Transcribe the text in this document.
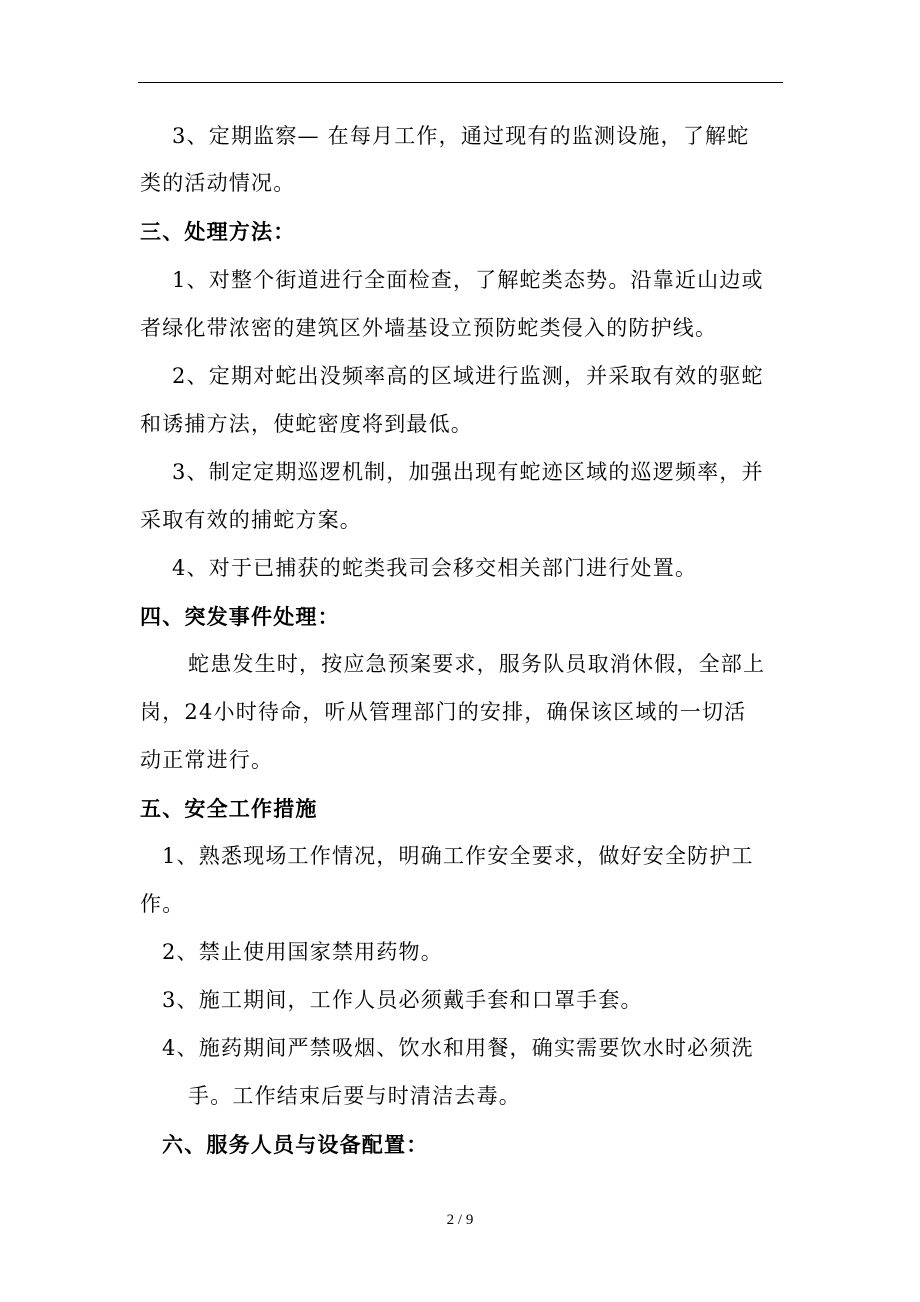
3、定期监察— 在每月工作，通过现有的监测设施，了解蛇
类的活动情况。
三、处理方法：
1、对整个街道进行全面检查，了解蛇类态势。沿靠近山边或
者绿化带浓密的建筑区外墙基设立预防蛇类侵入的防护线。
2、定期对蛇出没频率高的区域进行监测，并采取有效的驱蛇
和诱捕方法，使蛇密度将到最低。
3、制定定期巡逻机制，加强出现有蛇迹区域的巡逻频率，并
采取有效的捕蛇方案。
4、对于已捕获的蛇类我司会移交相关部门进行处置。
四、突发事件处理：
蛇患发生时，按应急预案要求，服务队员取消休假，全部上
岗，24小时待命，听从管理部门的安排，确保该区域的一切活
动正常进行。
五、安全工作措施
1、熟悉现场工作情况，明确工作安全要求，做好安全防护工
作。
2、禁止使用国家禁用药物。
3、施工期间，工作人员必须戴手套和口罩手套。
4、施药期间严禁吸烟、饮水和用餐，确实需要饮水时必须洗
手。工作结束后要与时清洁去毒。
六、服务人员与设备配置：
2 / 9
